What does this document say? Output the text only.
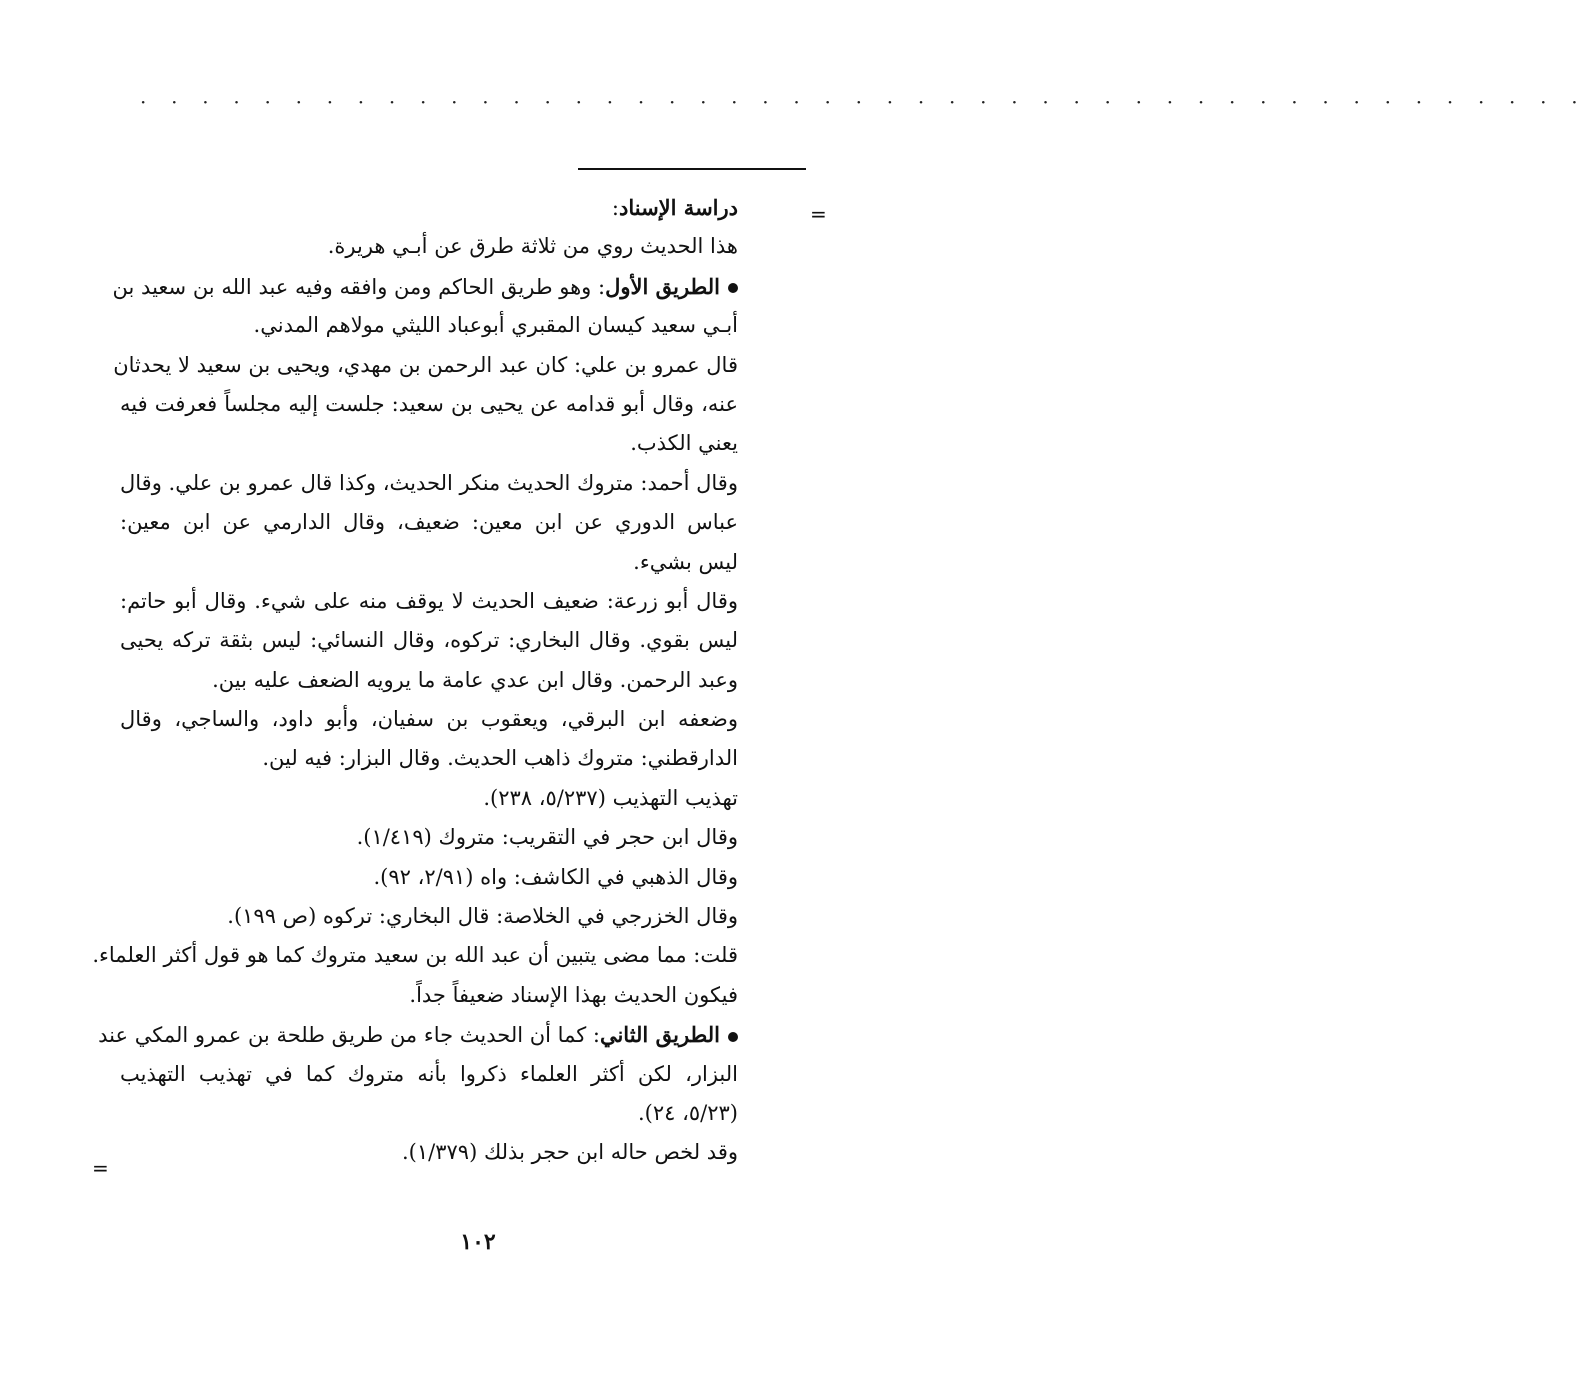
· · · · · · · · · · · · · · · · · · · · · · · · · · · · · · · · · · · · · · · · · · · · · · ·
=
دراسة الإسناد:
هذا الحديث روي من ثلاثة طرق عن أبـي هريرة.
الطريق الأول: وهو طريق الحاكم ومن وافقه وفيه عبد الله بن سعيد بن
أبـي سعيد كيسان المقبري أبوعباد الليثي مولاهم المدني.
قال عمرو بن علي: كان عبد الرحمن بن مهدي، ويحيى بن سعيد لا يحدثان
عنه، وقال أبو قدامه عن يحيى بن سعيد: جلست إليه مجلساً فعرفت فيه
يعني الكذب.
وقال أحمد: متروك الحديث منكر الحديث، وكذا قال عمرو بن علي. وقال
عباس الدوري عن ابن معين: ضعيف، وقال الدارمي عن ابن معين:
ليس بشيء.
وقال أبو زرعة: ضعيف الحديث لا يوقف منه على شيء. وقال أبو حاتم:
ليس بقوي. وقال البخاري: تركوه، وقال النسائي: ليس بثقة تركه يحيى
وعبد الرحمن. وقال ابن عدي عامة ما يرويه الضعف عليه بين.
وضعفه ابن البرقي، ويعقوب بن سفيان، وأبو داود، والساجي، وقال
الدارقطني: متروك ذاهب الحديث. وقال البزار: فيه لين.
تهذيب التهذيب (٥/٢٣٧، ٢٣٨).
وقال ابن حجر في التقريب: متروك (١/٤١٩).
وقال الذهبي في الكاشف: واه (٢/٩١، ٩٢).
وقال الخزرجي في الخلاصة: قال البخاري: تركوه (ص ١٩٩).
قلت: مما مضى يتبين أن عبد الله بن سعيد متروك كما هو قول أكثر العلماء.
فيكون الحديث بهذا الإسناد ضعيفاً جداً.
الطريق الثاني: كما أن الحديث جاء من طريق طلحة بن عمرو المكي عند
البزار، لكن أكثر العلماء ذكروا بأنه متروك كما في تهذيب التهذيب
(٥/٢٣، ٢٤).
وقد لخص حاله ابن حجر بذلك (١/٣٧٩).
=
١٠٢
